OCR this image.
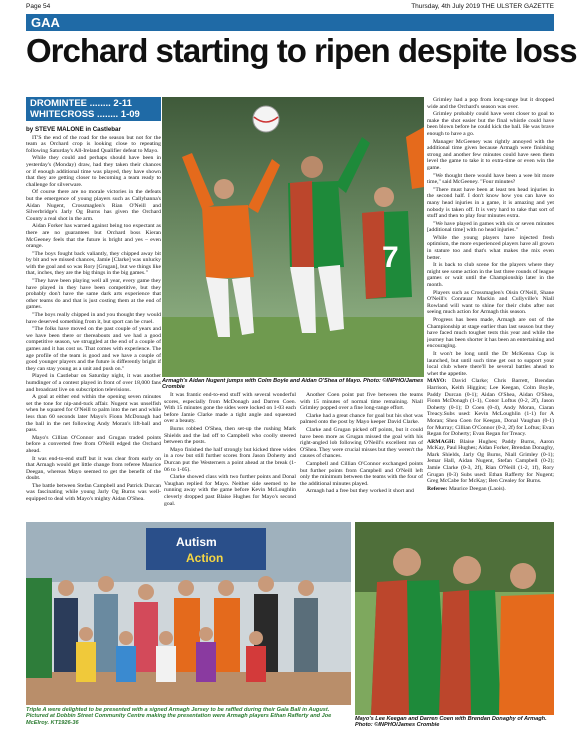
Page 54	Thursday, 4th July 2019 THE ULSTER GAZETTE
GAA
Orchard starting to ripen despite loss
DROMINTEE ........ 2-11
WHITECROSS ........ 1-09

by STEVE MALONE in Castlebar

IT'S the end of the road for the season but not for the team as Orchard crop is looking close to repeating following Saturday's All-Ireland Qualifier defeat to Mayo.

While they could and perhaps should have been in yesterday's (Monday) draw, had they taken their chances or if enough additional time was played, they have shown that they are getting closer to becoming a team ready to challenge for silverware.

Of course there are no morale victories in the defeats but the emergence of young players such as Callyhanna's Aidan Nugent, Crossmaglen's Rian O'Neill and Silverbridge's Jarly Og Burns has given the Orchard County a real shot in the arm.

Aidan Forker has warned against being too expectant as there are no guarantees but Orchard boss Kieran McGeeney feels that the future is bright and yes – even orange.

"The boys fought back valiantly, they chipped away bit by bit and we missed chances, Jamie [Clarke] was unlucky with the goal and so was Rory [Grugan], but we things like that, inches, they are the big things in the big games."

"They have been playing well all year, every game they have played in they have been competitive, but they probably don't have the same dark arts experience that other teams do and that is just costing them at the end of games.

"The boys really chipped in and you thought they would have deserved something from it, but sport can be cruel.

"The folks have moved on the past couple of years and we have been there or thereabouts and we had a good competitive season, we struggled at the end of a couple of games and it has cost us. That comes with experience. The age profile of the team is good and we have a couple of good younger players and the future is differently bright if they can stay young as a unit and push on."

Played in Castlebar on Saturday night, it was another humdinger of a contest played in front of over 18,000 fans and broadcast live on subscription televisions.

A goal at either end within the opening seven minutes set the tone for nip-and-tuck affair. Nugent was unselfish when he squared for O'Neill to palm into the net and while less than 60 seconds later Mayo's Fionn McDonagh had the ball in the net following Andy Moran's lift-ball and pass.

Mayo's Cillian O'Connor and Grugan traded points before a converted free from O'Neill edged the Orchard ahead.

It was end-to-end stuff but it was clear from early on that Armagh would get little change from referee Maurice Deegan, whereas Mayo seemed to get the benefit of the doubt.

The battle between Stefan Campbell and Patrick Durcan was fascinating while young Jarly Og Burns was well-equipped to deal with Mayo's mighty Aidan O'Shea.

7
Armagh's Aidan Nugent jumps with Colm Boyle and Aidan O'Shea of Mayo. Photo: ©INPHO/James Crombie

It was frantic end-to-end stuff with several wonderful scores, especially from McDonagh and Darren Coen. With 15 minutes gone the sides were locked on 1-03 each before Jamie Clarke made a tight angle and squeezed over a beauty.

Burns robbed O'Shea, then set-up the rushing Mark Shields and the lad off to Campbell who coolly steered between the posts.

Mayo finished the half strongly but kicked three wides in a row but still further scores from Jason Doherty and Durcan put the Westerners a point ahead at the break (1-06 to 1-05).

Clarke showed class with two further points and Donal Vaughan replied for Mayo. Neither side seemed to be running away with the game before Kevin McLoughlin cleverly dropped past Blaise Hughes for Mayo's second goal.

Another Coen point put five between the teams with 15 minutes of normal time remaining. Niall Grimley popped over a fine long-range effort.

Clarke had a great chance for goal but his shot was palmed onto the post by Mayo keeper David Clarke.

Clarke and Grugan picked off points, but it could have been more as Grugan missed the goal with his right-angled lob following O'Neill's excellent run of O'Shea. They were crucial misses but they weren't the causes of chances.

Campbell and Cillian O'Connor exchanged points but further points from Campbell and O'Neill left only the minimum between the teams with the four of the additional minutes played.

Armagh had a free but they worked it short and

Grimley had a pop from long-range but it dropped wide and the Orchard's season was over.

Grimley probably could have went closer to goal to make the shot easier but the final whistle could have been blown before he could kick the ball. He was brave enough to have a go.

Manager McGeeney was rightly annoyed with the additional time given because Armagh were finishing strong and another few minutes could have seen them level the game to take it to extra-time or even win the game.

"We thought there would have been a wee bit more time," said McGeeney. "Four minutes?

"There must have been at least ten head injuries in the second half. I don't know how you can have so many head injuries in a game, it is amazing and yet nobody is taken off. It is very hard to take that sort of stuff and then to play four minutes extra.

"We have played in games with six or seven minutes [additional time] with no head injuries."

While the young players have injected fresh optimism, the more experienced players have all grown in stature too and that's what makes the mix even better.

It is back to club scene for the players where they might see some action in the last three rounds of league games or wait until the Championship later in the month.

Players such as Crossmaglen's Oisin O'Neill, Shane O'Neill's Conrauar Mackin and Cullyville's Niall Rowland will want to shine for their clubs after not seeing much action for Armagh this season.

Progress has been made, Armagh are out of the Championship at stage earlier than last season but they have faced much tougher tests this year and while the journey has been shorter it has been an entertaining and encouraging.

It won't be long until the Dr McKenna Cup is launched, but until such time get out to support your local club where there'll be several battles ahead to whet the appetite.

MAYO: David Clarke; Chris Barrett, Brendan Harrison, Keith Higgins; Lee Keegan, Colm Boyle, Paddy Durcan (0-1); Aidan O'Shea, Aidan O'Shea, Fionn McDonagh (1-1), Conor Loftus (0-2, 2f), Jason Doherty (0-1); D Coen (0-4), Andy Moran, Ciaran Treacy.Subs used: Kevin McLoughlin (1-1) for A Moran; Shea Coen for Keegan, Donal Vaughan (0-1) for Murray; Cillian O'Connor (0-2, 2f) for Loftus; Evan Regan for Doherty; Evan Regan for Treacy.

ARMAGH: Blaise Hughes; Paddy Burns, Aaron McKay, Paul Hughes; Aidan Forker, Brendan Donaghy, Mark Shields, Jarly Og Burns, Niall Grimley (0-1); Jemar Hall, Aidan Nugent, Stefan Campbell (0-2); Jamie Clarke (0-3, 2f), Rian O'Neill (1-2, 1f), Rory Grugan (0-3) Subs used: Ethan Rafferty for Nugent; Greg McCabe for McKay; Ben Crealey for Burns.

Referee: Maurice Deegan (Laois).

Autism
Action
Triple A were delighted to be presented with a signed Armagh Jersey to be raffled during their Gala Ball in August. Pictured at Dobbin Street Community Centre making the presentation were Armagh players Ethan Rafferty and Joe McElroy. KT1926-36
Mayo's Lee Keegan and Darren Coen with Brendan Donaghy of Armagh. Photo: ©INPHO/James Crombie
